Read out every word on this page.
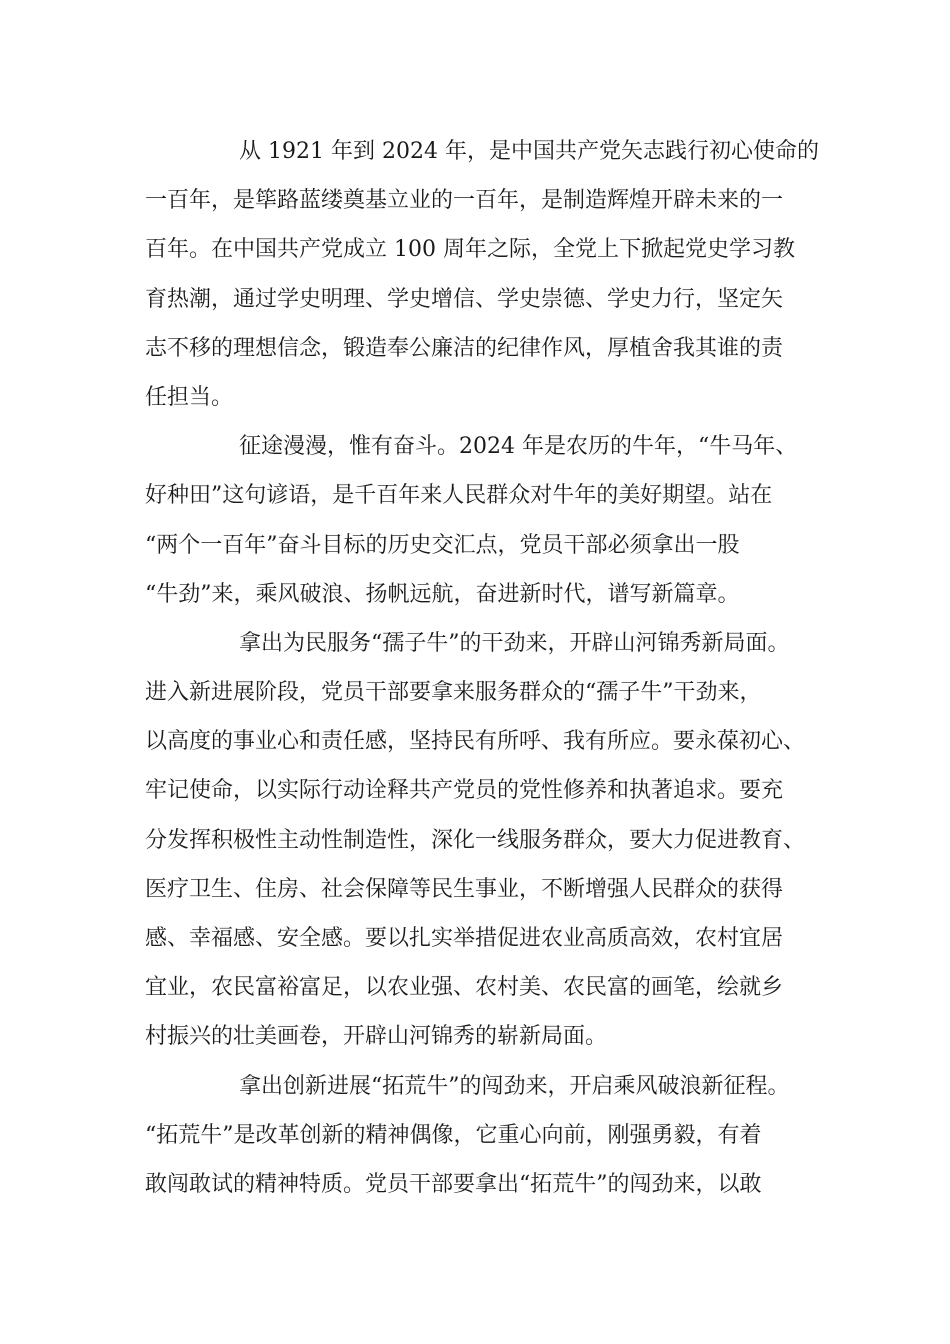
从 1921 年到 2024 年，是中国共产党矢志践行初心使命的
一百年，是筚路蓝缕奠基立业的一百年，是制造辉煌开辟未来的一
百年。在中国共产党成立 100 周年之际，全党上下掀起党史学习教
育热潮，通过学史明理、学史增信、学史崇德、学史力行，坚定矢
志不移的理想信念，锻造奉公廉洁的纪律作风，厚植舍我其谁的责
任担当。
征途漫漫，惟有奋斗。2024 年是农历的牛年，“牛马年、
好种田”这句谚语，是千百年来人民群众对牛年的美好期望。站在
“两个一百年”奋斗目标的历史交汇点，党员干部必须拿出一股
“牛劲”来，乘风破浪、扬帆远航，奋进新时代，谱写新篇章。
拿出为民服务“孺子牛”的干劲来，开辟山河锦秀新局面。
进入新进展阶段，党员干部要拿来服务群众的“孺子牛”干劲来，
以高度的事业心和责任感，坚持民有所呼、我有所应。要永葆初心、
牢记使命，以实际行动诠释共产党员的党性修养和执著追求。要充
分发挥积极性主动性制造性，深化一线服务群众，要大力促进教育、
医疗卫生、住房、社会保障等民生事业，不断增强人民群众的获得
感、幸福感、安全感。要以扎实举措促进农业高质高效，农村宜居
宜业，农民富裕富足，以农业强、农村美、农民富的画笔，绘就乡
村振兴的壮美画卷，开辟山河锦秀的崭新局面。
拿出创新进展“拓荒牛”的闯劲来，开启乘风破浪新征程。
“拓荒牛”是改革创新的精神偶像，它重心向前，刚强勇毅，有着
敢闯敢试的精神特质。党员干部要拿出“拓荒牛”的闯劲来，以敢
